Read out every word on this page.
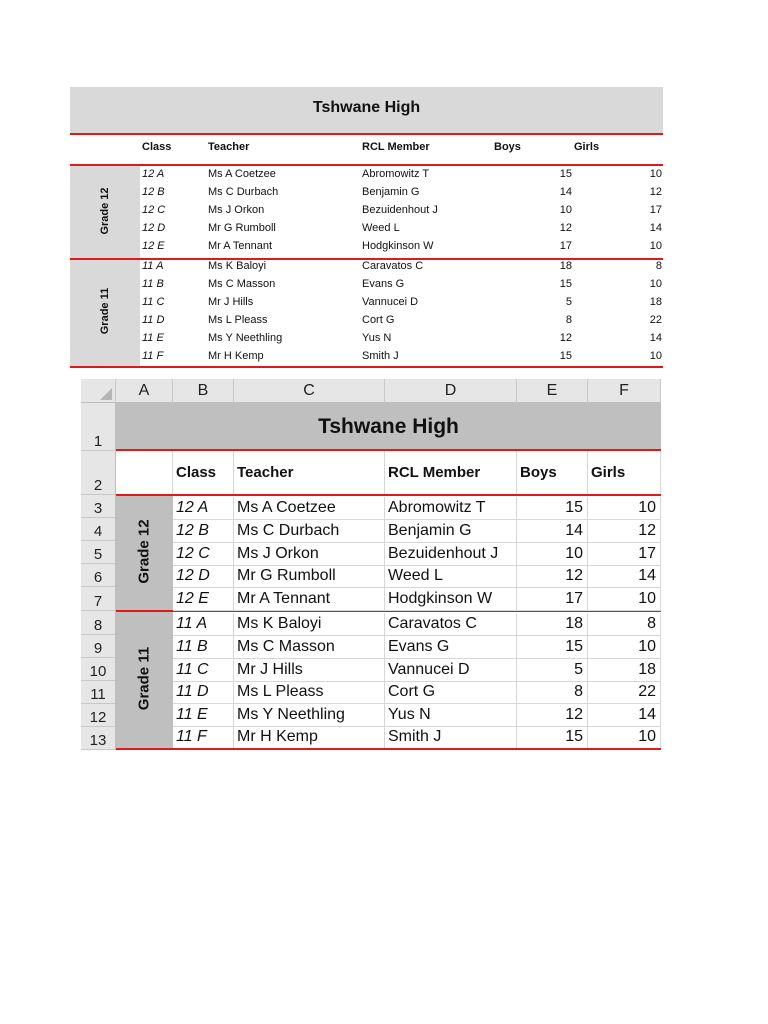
Tshwane High
Class	Teacher	RCL Member	Boys	Girls
Grade 12
Grade 11
12 A	Ms A Coetzee	Abromowitz T	15	10
12 B	Ms C Durbach	Benjamin G	14	12
12 C	Ms J Orkon	Bezuidenhout J	10	17
12 D	Mr G Rumboll	Weed L	12	14
12 E	Mr A Tennant	Hodgkinson W	17	10
11 A	Ms K Baloyi	Caravatos C	18	8
11 B	Ms C Masson	Evans G	15	10
11 C	Mr J Hills	Vannucei D	5	18
11 D	Ms L Pleass	Cort G	8	22
11 E	Ms Y Neethling	Yus N	12	14
11 F	Mr H Kemp	Smith J	15	10
A	B	C	D	E	F
1
2
3
4
5
6
7
8
9
10
11
12
13
Tshwane High
Class	Teacher	RCL Member	Boys	Girls
Grade 12
Grade 11
12 A	Ms A Coetzee	Abromowitz T	15	10
12 B	Ms C Durbach	Benjamin G	14	12
12 C	Ms J Orkon	Bezuidenhout J	10	17
12 D	Mr G Rumboll	Weed L	12	14
12 E	Mr A Tennant	Hodgkinson W	17	10
11 A	Ms K Baloyi	Caravatos C	18	8
11 B	Ms C Masson	Evans G	15	10
11 C	Mr J Hills	Vannucei D	5	18
11 D	Ms L Pleass	Cort G	8	22
11 E	Ms Y Neethling	Yus N	12	14
11 F	Mr H Kemp	Smith J	15	10
